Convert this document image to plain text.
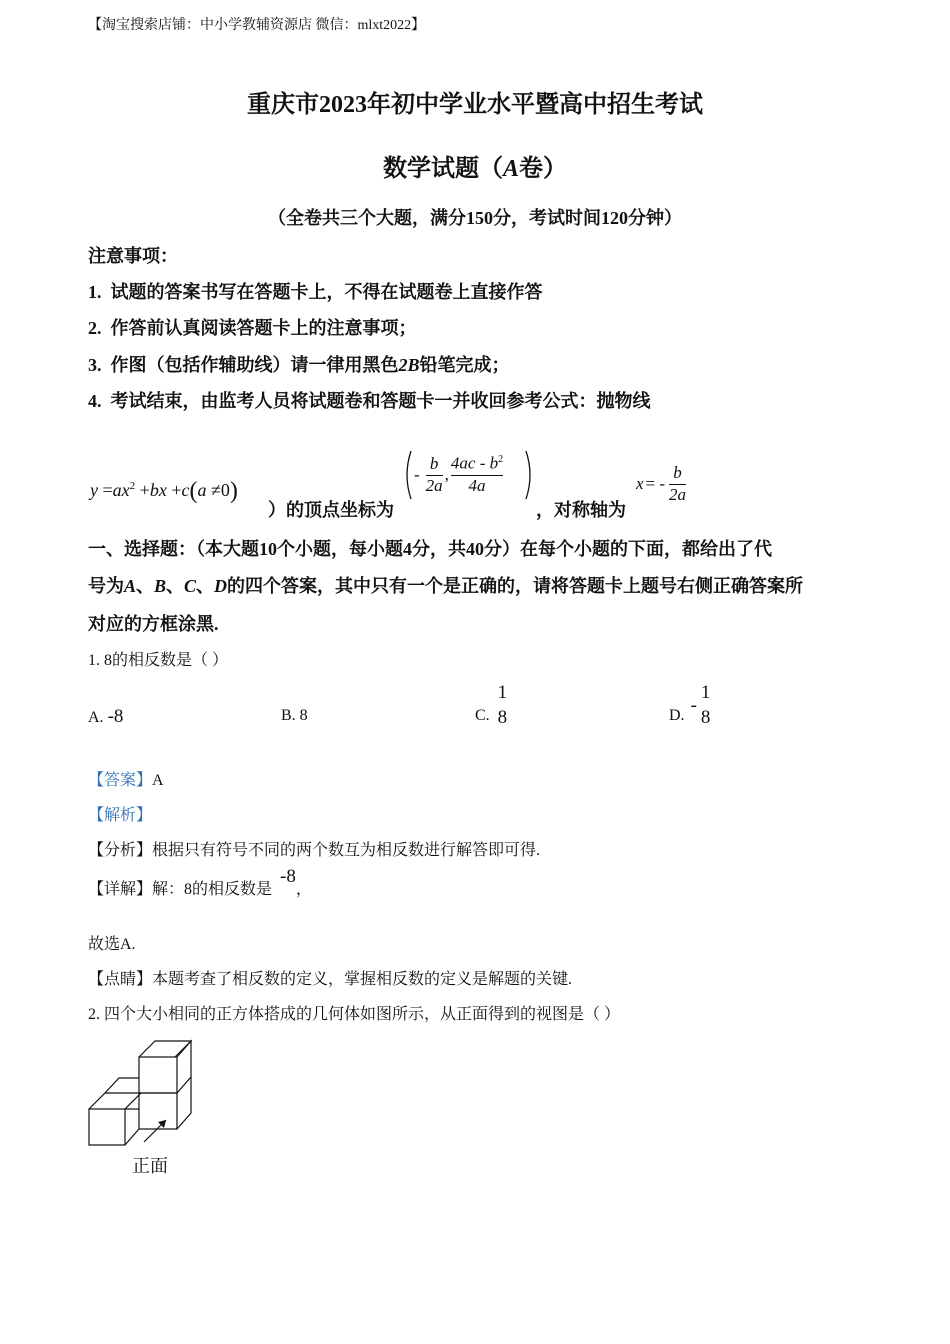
【淘宝搜索店铺：中小学教辅资源店 微信：mlxt2022】
重庆市2023年初中学业水平暨高中招生考试
数学试题（A卷）
（全卷共三个大题，满分150分，考试时间120分钟）
注意事项：
1. 试题的答案书写在答题卡上，不得在试题卷上直接作答
2. 作答前认真阅读答题卡上的注意事项；
3. 作图（包括作辅助线）请一律用黑色2B铅笔完成；
4. 考试结束，由监考人员将试题卷和答题卡一并收回参考公式：抛物线
$y =ax^2 +bx +c(a \ne 0)$
）的顶点坐标为
- $\frac{b}{2a}$ , $\frac{4ac - b^2}{4a}$
，对称轴为
x = - $\frac{b}{2a}$
一、选择题：（本大题10个小题，每小题4分，共40分）在每个小题的下面，都给出了代
号为A、B、C、D的四个答案，其中只有一个是正确的，请将答题卡上题号右侧正确答案所
对应的方框涂黑.
1. 8的相反数是（ ）
A. -8	B. 8	C.
1
8	D. -
1
8
【答案】A
【解析】
【分析】根据只有符号不同的两个数互为相反数进行解答即可得.
【详解】解：8的相反数是 -8，
故选A.
【点睛】本题考查了相反数的定义，掌握相反数的定义是解题的关键.
2. 四个大小相同的正方体搭成的几何体如图所示，从正面得到的视图是（ ）
正面
